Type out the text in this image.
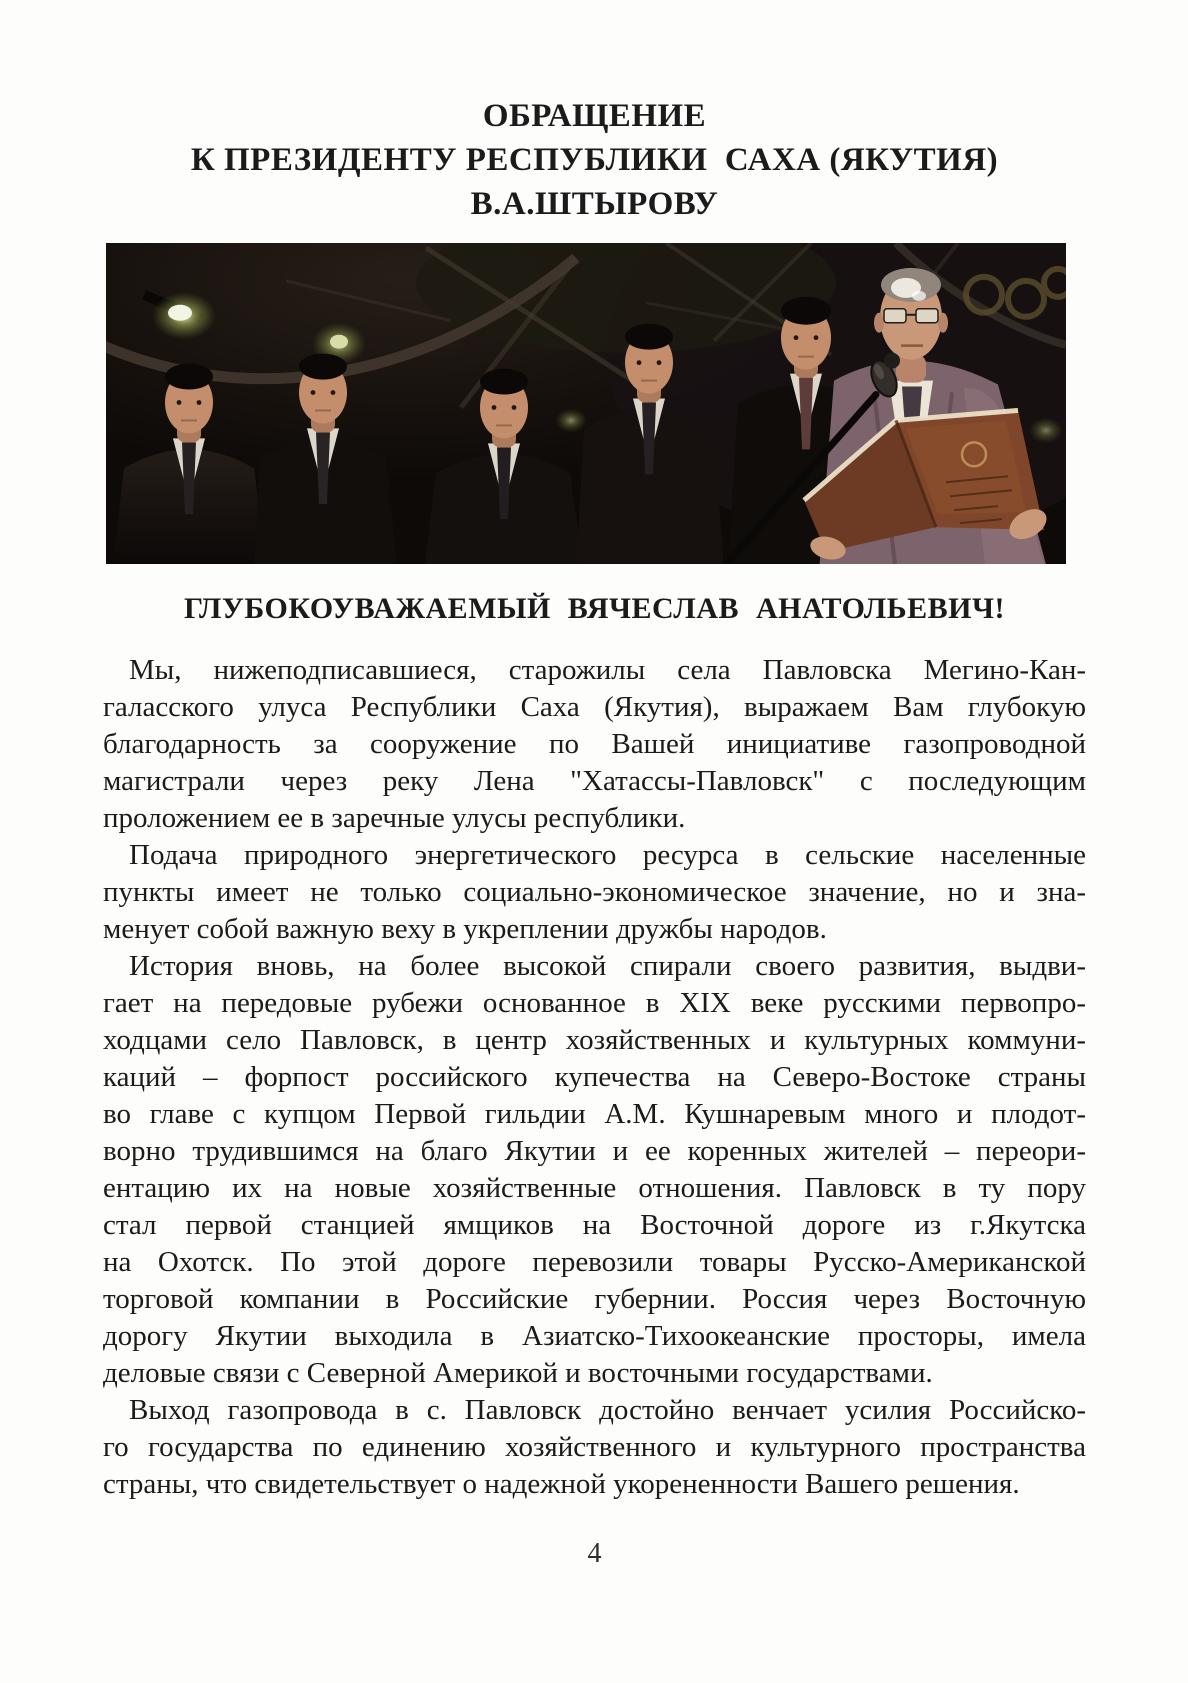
ОБРАЩЕНИЕ
К ПРЕЗИДЕНТУ РЕСПУБЛИКИ  САХА (ЯКУТИЯ)
В.А.ШТЫРОВУ
ГЛУБОКОУВАЖАЕМЫЙ ВЯЧЕСЛАВ АНАТОЛЬЕВИЧ!
Мы, нижеподписавшиеся, старожилы села Павловска Мегино-Кан-
галасского улуса Республики Саха (Якутия), выражаем Вам глубокую
благодарность за сооружение по Вашей инициативе газопроводной
магистрали через реку Лена "Хатассы-Павловск" с последующим
проложением ее в заречные улусы республики.
Подача природного энергетического ресурса в сельские населенные
пункты имеет не только социально-экономическое значение, но и зна-
менует собой важную веху в укреплении дружбы народов.
История вновь, на более высокой спирали своего развития, выдви-
гает на передовые рубежи основанное в XIX веке русскими первопро-
ходцами село Павловск, в центр хозяйственных и культурных коммуни-
каций – форпост российского купечества на Северо-Востоке страны
во главе с купцом Первой гильдии А.М. Кушнаревым много и плодот-
ворно трудившимся на благо Якутии и ее коренных жителей – переори-
ентацию их на новые хозяйственные отношения. Павловск в ту пору
стал первой станцией ямщиков на Восточной дороге из г.Якутска
на Охотск. По этой дороге перевозили товары Русско-Американской
торговой компании в Российские губернии. Россия через Восточную
дорогу Якутии выходила в Азиатско-Тихоокеанские просторы, имела
деловые связи с Северной Америкой и восточными государствами.
Выход газопровода в с. Павловск достойно венчает усилия Российско-
го государства по единению хозяйственного и культурного пространства
страны, что свидетельствует о надежной укорененности Вашего решения.
4
